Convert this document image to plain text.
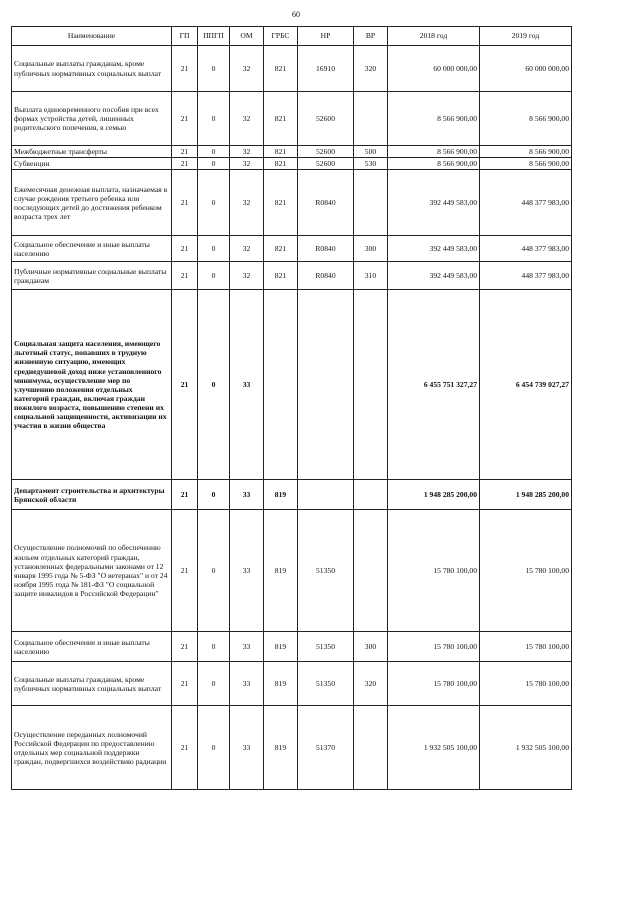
60
Наименование	ГП	ППГП	ОМ	ГРБС	НР	ВР	2018 год	2019 год
Социальные выплаты гражданам, кроме публичных нормативных социальных выплат	21	0	32	821	16910	320	60 000 000,00	60 000 000,00
Выплата единовременного пособия при всех формах устройства детей, лишенных родительского попечения, в семью	21	0	32	821	52600		8 566 900,00	8 566 900,00
Межбюджетные трансферты	21	0	32	821	52600	500	8 566 900,00	8 566 900,00
Субвенции	21	0	32	821	52600	530	8 566 900,00	8 566 900,00
Ежемесячная денежная выплата, назначаемая в случае рождения третьего ребенка или последующих детей до достижения ребенком возраста трех лет	21	0	32	821	R0840		392 449 583,00	448 377 983,00
Социальное обеспечение и иные выплаты населению	21	0	32	821	R0840	300	392 449 583,00	448 377 983,00
Публичные нормативные социальные выплаты гражданам	21	0	32	821	R0840	310	392 449 583,00	448 377 983,00
Социальная защита населения, имеющего льготный статус, попавших в трудную жизненную ситуацию, имеющих среднедушевой доход ниже установленного минимума, осуществление мер по улучшению положения отдельных категорий граждан, включая граждан пожилого возраста, повышению степени их социальной защищенности, активизации их участия в жизни общества	21	0	33				6 455 751 327,27	6 454 739 027,27
Департамент строительства и архитектуры Брянской области	21	0	33	819			1 948 285 200,00	1 948 285 200,00
Осуществление полномочий по обеспечению жильем отдельных категорий граждан, установленных федеральными законами от 12 января 1995 года № 5-ФЗ "О ветеранах" и от 24 ноября 1995 года № 181-ФЗ "О социальной защите инвалидов в Российской Федерации"	21	0	33	819	51350		15 780 100,00	15 780 100,00
Социальное обеспечение и иные выплаты населению	21	0	33	819	51350	300	15 780 100,00	15 780 100,00
Социальные выплаты гражданам, кроме публичных нормативных социальных выплат	21	0	33	819	51350	320	15 780 100,00	15 780 100,00
Осуществление переданных полномочий Российской Федерации по предоставлению отдельных мер социальной поддержки граждан, подвергшихся воздействию радиации	21	0	33	819	51370		1 932 505 100,00	1 932 505 100,00
